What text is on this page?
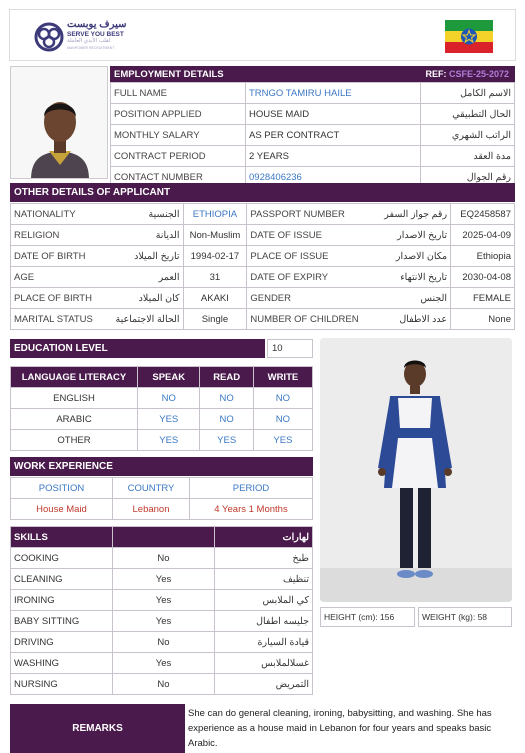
سيرف يوبست
SERVE YOU BEST
لقلب الأيدي العاملة
MANPOWER RECRUITMENT
EMPLOYMENT DETAILS	REF:
CSFE-25-2072
FULL NAME	TRNGO TAMIRU HAILE	الاسم الكامل
POSITION APPLIED	HOUSE MAID	الحال التطبيقي
MONTHLY SALARY	AS PER CONTRACT	الراتب الشهري
CONTRACT PERIOD	2 YEARS	مدة العقد
CONTACT NUMBER	0928406236	رقم الجوال
OTHER DETAILS OF APPLICANT
NATIONALITY	الجنسية	ETHIOPIA	PASSPORT NUMBER	رقم جواز السفر	EQ2458587
RELIGION	الديانة	Non-Muslim	DATE OF ISSUE	تاريخ الاصدار	2025-04-09
DATE OF BIRTH	تاريخ الميلاد	1994-02-17	PLACE OF ISSUE	مكان الاصدار	Ethiopia
AGE	العمر	31	DATE OF EXPIRY	تاريخ الانتهاء	2030-04-08
PLACE OF BIRTH	كان الميلاد	AKAKI	GENDER	الجنس	FEMALE
MARITAL STATUS	الحالة الاجتماعية	Single	NUMBER OF CHILDREN	عدد الاطفال	None
EDUCATION LEVEL	10
LANGUAGE LITERACY	SPEAK	READ	WRITE
ENGLISH	NO	NO	NO
ARABIC	YES	NO	NO
OTHER	YES	YES	YES
WORK EXPERIENCE
POSITION	COUNTRY	PERIOD
House Maid	Lebanon	4 Years 1 Months
SKILLS		لهارات
COOKING	No	طبخ
CLEANING	Yes	تنظيف
IRONING	Yes	كي الملابس
BABY SITTING	Yes	جليسه اطفال
DRIVING	No	قيادة السيارة
WASHING	Yes	غسلالملابس
NURSING	No	التمريض
HEIGHT (cm): 156	WEIGHT (kg): 58
REMARKS
She can do general cleaning, ironing, babysitting, and washing. She has experience as a house maid in Lebanon for four years and speaks basic Arabic.
